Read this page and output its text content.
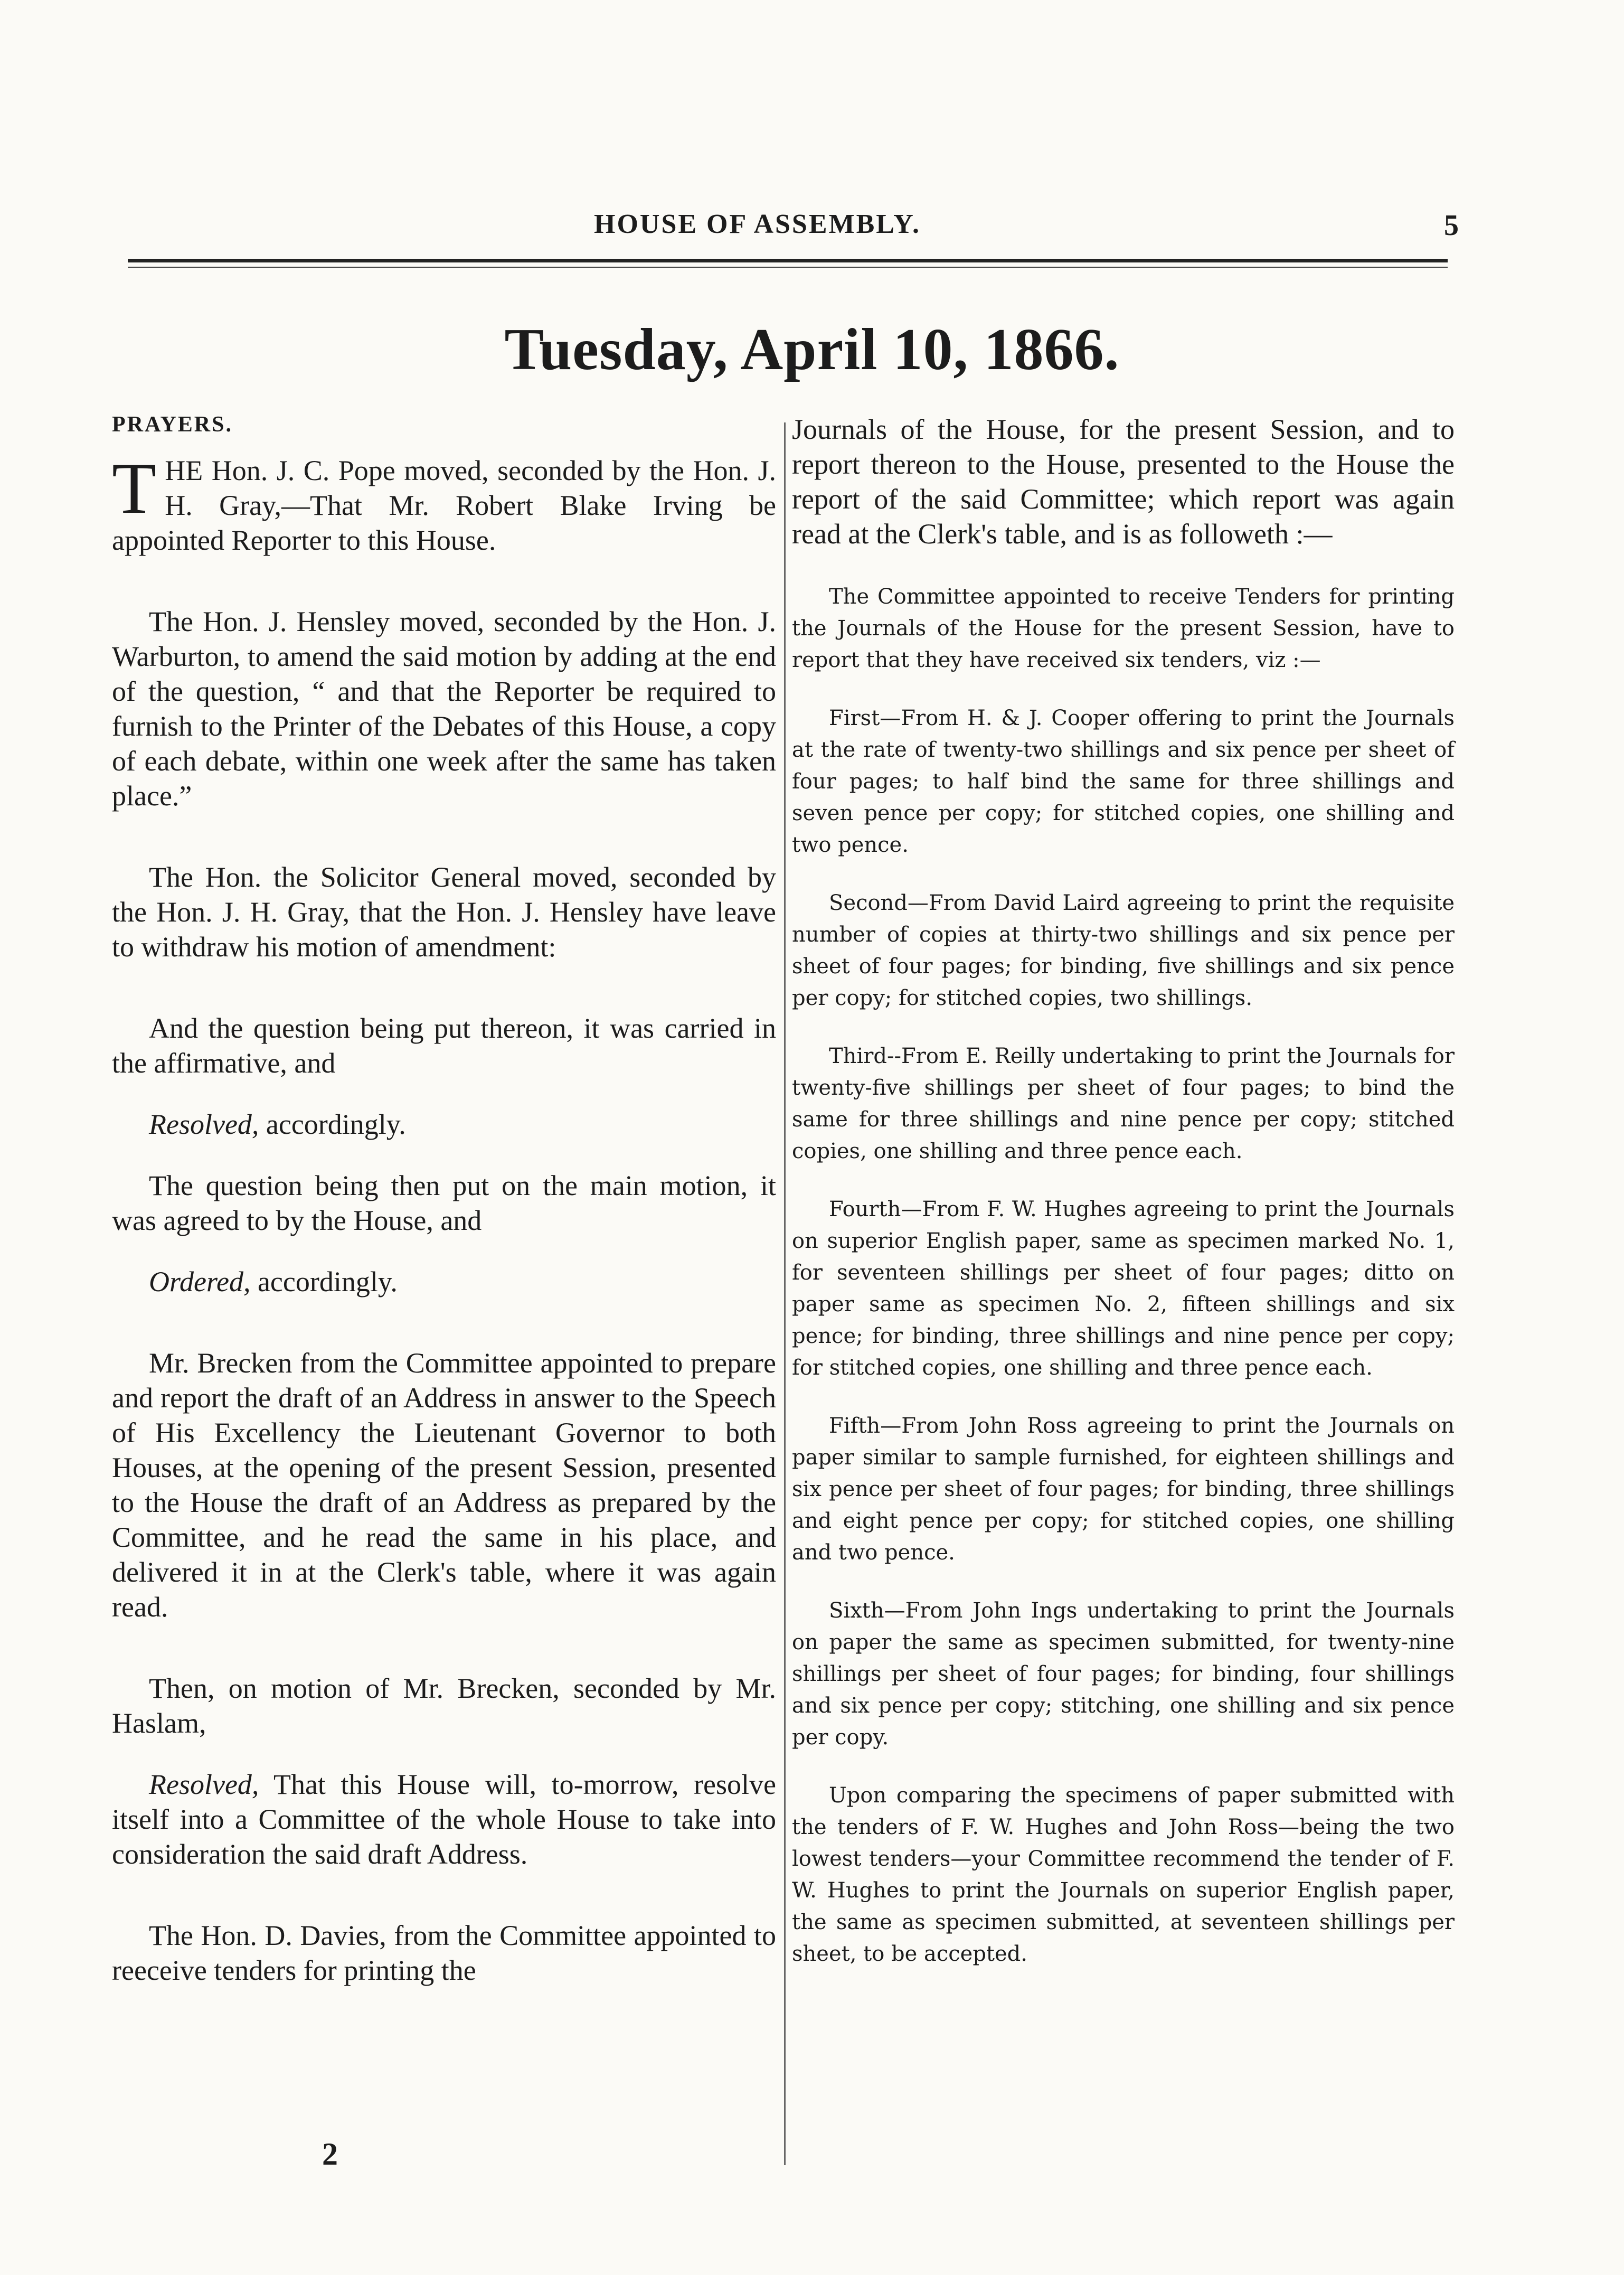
HOUSE OF ASSEMBLY.	5
Tuesday, April 10, 1866.
PRAYERS.

THE Hon. J. C. Pope moved, seconded by the Hon. J. H. Gray,—That Mr. Robert Blake Irving be appointed Reporter to this House.

The Hon. J. Hensley moved, seconded by the Hon. J. Warburton, to amend the said motion by adding at the end of the question, “ and that the Reporter be required to furnish to the Printer of the Debates of this House, a copy of each debate, within one week after the same has taken place.”

The Hon. the Solicitor General moved, seconded by the Hon. J. H. Gray, that the Hon. J. Hensley have leave to withdraw his motion of amendment:

And the question being put thereon, it was carried in the affirmative, and

Resolved, accordingly.

The question being then put on the main motion, it was agreed to by the House, and

Ordered, accordingly.

Mr. Brecken from the Committee appointed to prepare and report the draft of an Address in answer to the Speech of His Excellency the Lieutenant Governor to both Houses, at the opening of the present Session, presented to the House the draft of an Address as prepared by the Committee, and he read the same in his place, and delivered it in at the Clerk's table, where it was again read.

Then, on motion of Mr. Brecken, seconded by Mr. Haslam,

Resolved, That this House will, to-morrow, resolve itself into a Committee of the whole House to take into consideration the said draft Address.

The Hon. D. Davies, from the Committee appointed to reeceive tenders for printing the

2

Journals of the House, for the present Session, and to report thereon to the House, presented to the House the report of the said Committee; which report was again read at the Clerk's table, and is as followeth :—

The Committee appointed to receive Tenders for printing the Journals of the House for the present Session, have to report that they have received six tenders, viz :—

First—From H. & J. Cooper offering to print the Journals at the rate of twenty-two shillings and six pence per sheet of four pages; to half bind the same for three shillings and seven pence per copy; for stitched copies, one shilling and two pence.

Second—From David Laird agreeing to print the requisite number of copies at thirty-two shillings and six pence per sheet of four pages; for binding, five shillings and six pence per copy; for stitched copies, two shillings.

Third--From E. Reilly undertaking to print the Journals for twenty-five shillings per sheet of four pages; to bind the same for three shillings and nine pence per copy; stitched copies, one shilling and three pence each.

Fourth—From F. W. Hughes agreeing to print the Journals on superior English paper, same as specimen marked No. 1, for seventeen shillings per sheet of four pages; ditto on paper same as specimen No. 2, fifteen shillings and six pence; for binding, three shillings and nine pence per copy; for stitched copies, one shilling and three pence each.

Fifth—From John Ross agreeing to print the Journals on paper similar to sample furnished, for eighteen shillings and six pence per sheet of four pages; for binding, three shillings and eight pence per copy; for stitched copies, one shilling and two pence.

Sixth—From John Ings undertaking to print the Journals on paper the same as specimen submitted, for twenty-nine shillings per sheet of four pages; for binding, four shillings and six pence per copy; stitching, one shilling and six pence per copy.

Upon comparing the specimens of paper submitted with the tenders of F. W. Hughes and John Ross—being the two lowest tenders—your Committee recommend the tender of F. W. Hughes to print the Journals on superior English paper, the same as specimen submitted, at seventeen shillings per sheet, to be accepted.
